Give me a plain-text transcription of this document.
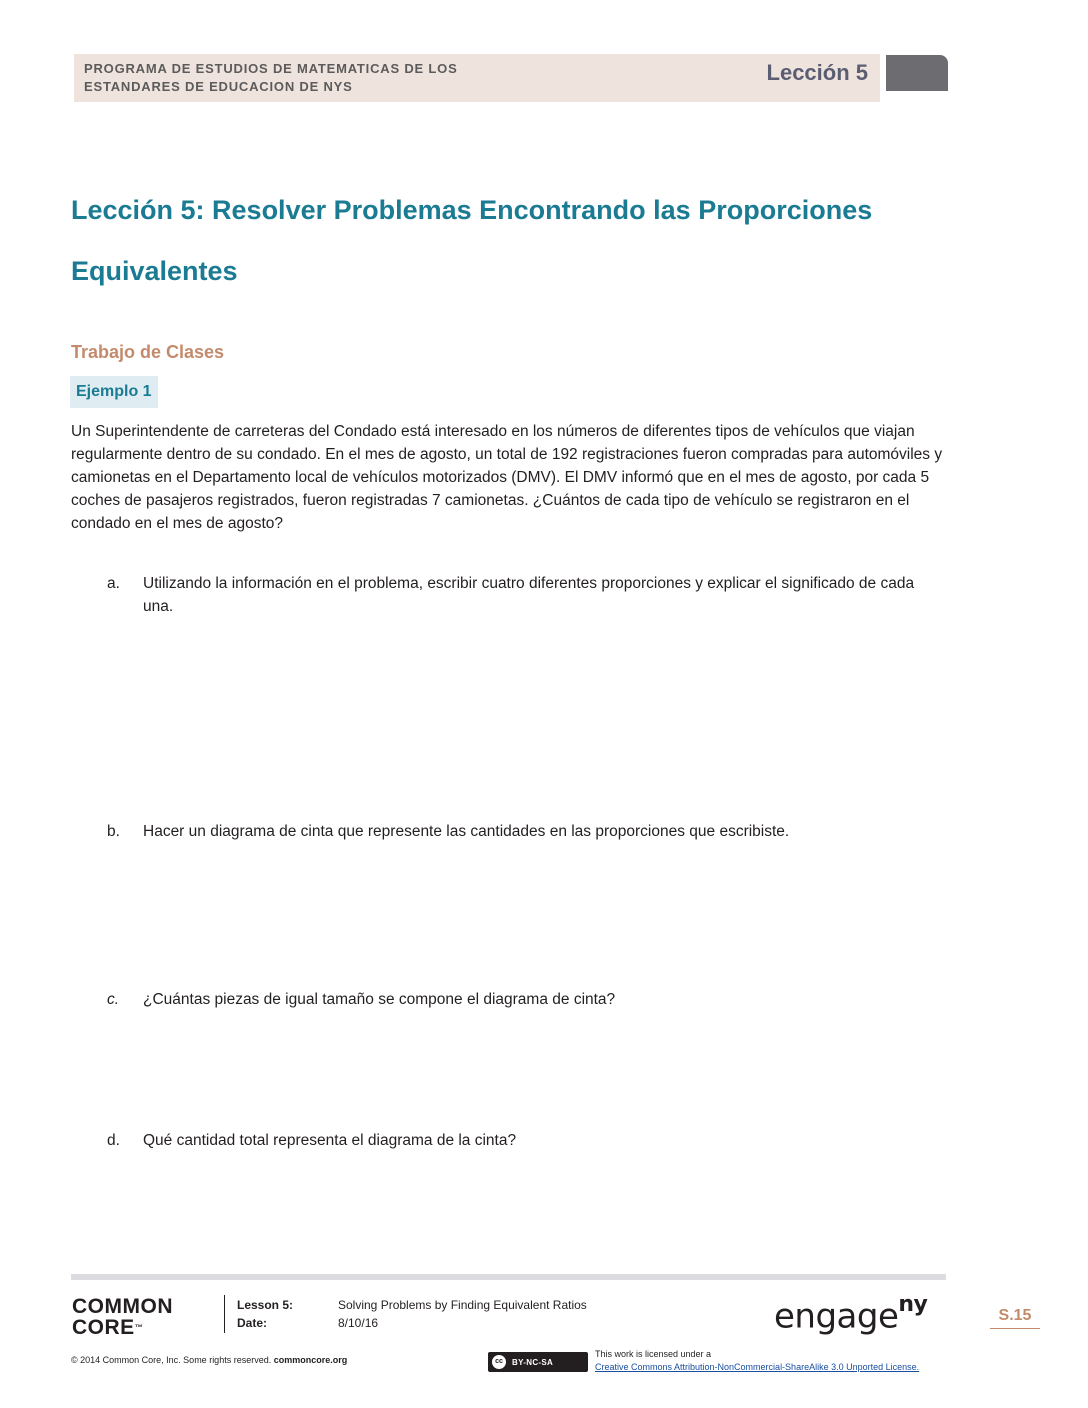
PROGRAMA DE ESTUDIOS DE MATEMATICAS DE LOS
ESTANDARES DE EDUCACION DE NYS
Lección 5
Lección 5: Resolver Problemas Encontrando las Proporciones
Equivalentes
Trabajo de Clases
Ejemplo 1
Un Superintendente de carreteras del Condado está interesado en los números de diferentes tipos de vehículos que viajan regularmente dentro de su condado. En el mes de agosto, un total de 192 registraciones fueron compradas para automóviles y camionetas en el Departamento local de vehículos motorizados (DMV). El DMV informó que en el mes de agosto, por cada 5 coches de pasajeros registrados, fueron registradas 7 camionetas. ¿Cuántos de cada tipo de vehículo se registraron en el condado en el mes de agosto?
a. Utilizando la información en el problema, escribir cuatro diferentes proporciones y explicar el significado de cada una.
b. Hacer un diagrama de cinta que represente las cantidades en las proporciones que escribiste.
c. ¿Cuántas piezas de igual tamaño se compone el diagrama de cinta?
d. Qué cantidad total representa el diagrama de la cinta?
COMMON
CORE™
Lesson 5:	Solving Problems by Finding Equivalent Ratios
Date:	8/10/16	engage$^{ny}$	S.15
© 2014 Common Core, Inc. Some rights reserved. commoncore.org	cc	BY-NC-SA
This work is licensed under a
Creative Commons Attribution-NonCommercial-ShareAlike 3.0 Unported License.
